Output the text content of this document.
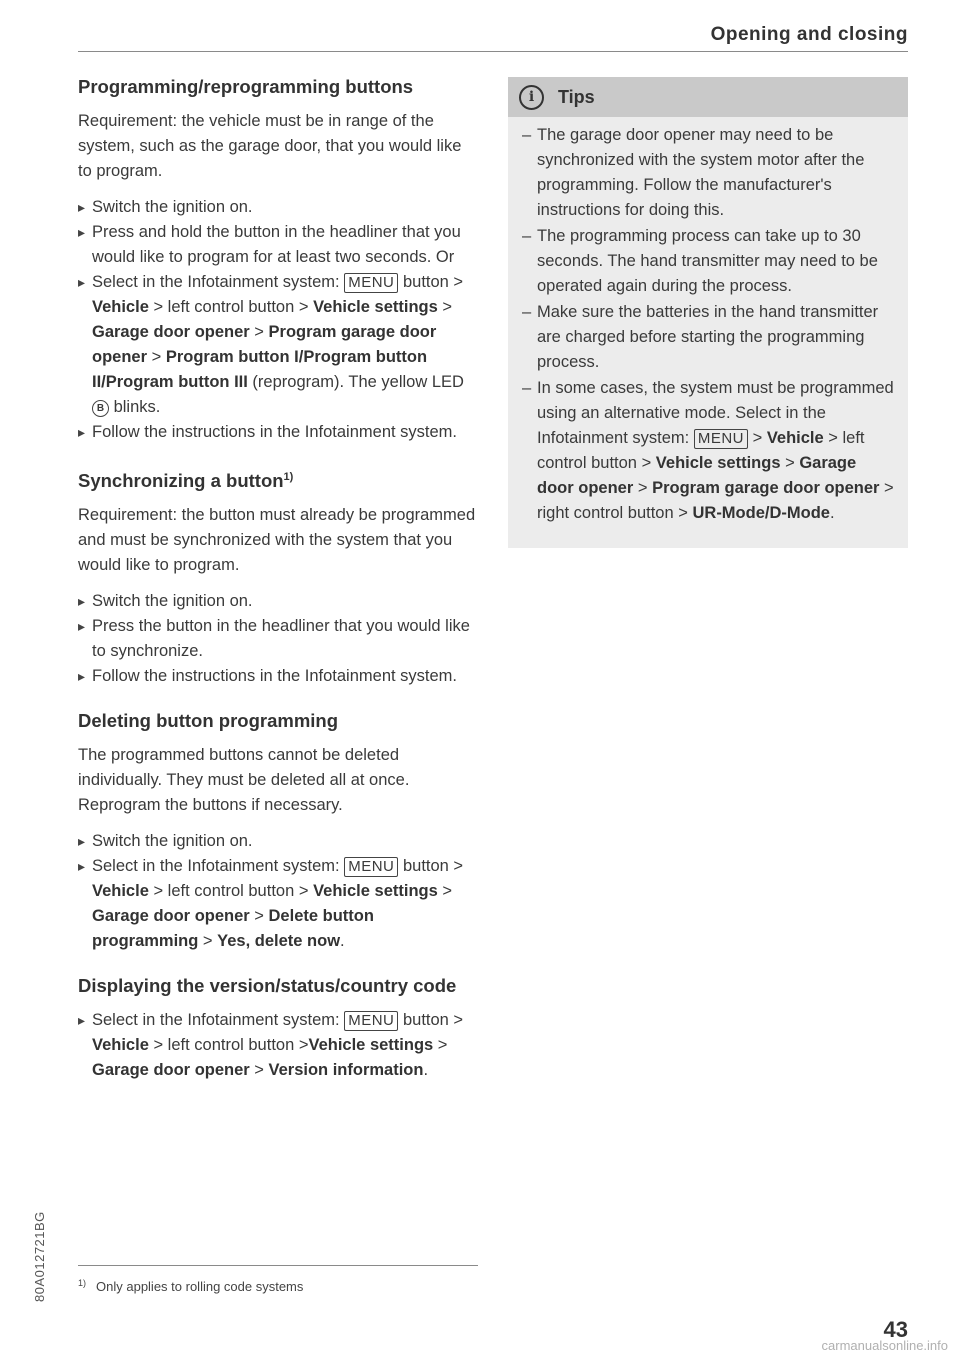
Opening and closing
Programming/reprogramming buttons

Requirement: the vehicle must be in range of the system, such as the garage door, that you would like to program.

▸ Switch the ignition on.
▸ Press and hold the button in the headliner that you would like to program for at least two seconds. Or
▸ Select in the Infotainment system: MENU button > Vehicle > left control button > Vehicle settings > Garage door opener > Program garage door opener > Program button I/Program button II/Program button III (reprogram). The yellow LED B blinks.
▸ Follow the instructions in the Infotainment system.
Synchronizing a button$^{1)}$

Requirement: the button must already be programmed and must be synchronized with the system that you would like to program.

▸ Switch the ignition on.
▸ Press the button in the headliner that you would like to synchronize.
▸ Follow the instructions in the Infotainment system.
Deleting button programming

The programmed buttons cannot be deleted individually. They must be deleted all at once. Reprogram the buttons if necessary.

▸ Switch the ignition on.
▸ Select in the Infotainment system: MENU button > Vehicle > left control button > Vehicle settings > Garage door opener > Delete button programming > Yes, delete now.
Displaying the version/status/country code
▸ Select in the Infotainment system: MENU button > Vehicle > left control button >Vehicle settings > Garage door opener > Version information.
i	Tips
– The garage door opener may need to be synchronized with the system motor after the programming. Follow the manufacturer's instructions for doing this.
– The programming process can take up to 30 seconds. The hand transmitter may need to be operated again during the process.
– Make sure the batteries in the hand transmitter are charged before starting the programming process.
– In some cases, the system must be programmed using an alternative mode. Select in the Infotainment system: MENU > Vehicle > left control button > Vehicle settings > Garage door opener > Program garage door opener > right control button > UR-Mode/D-Mode.
$^{1)}$ Only applies to rolling code systems
80A012721BG
43
carmanualsonline.info
